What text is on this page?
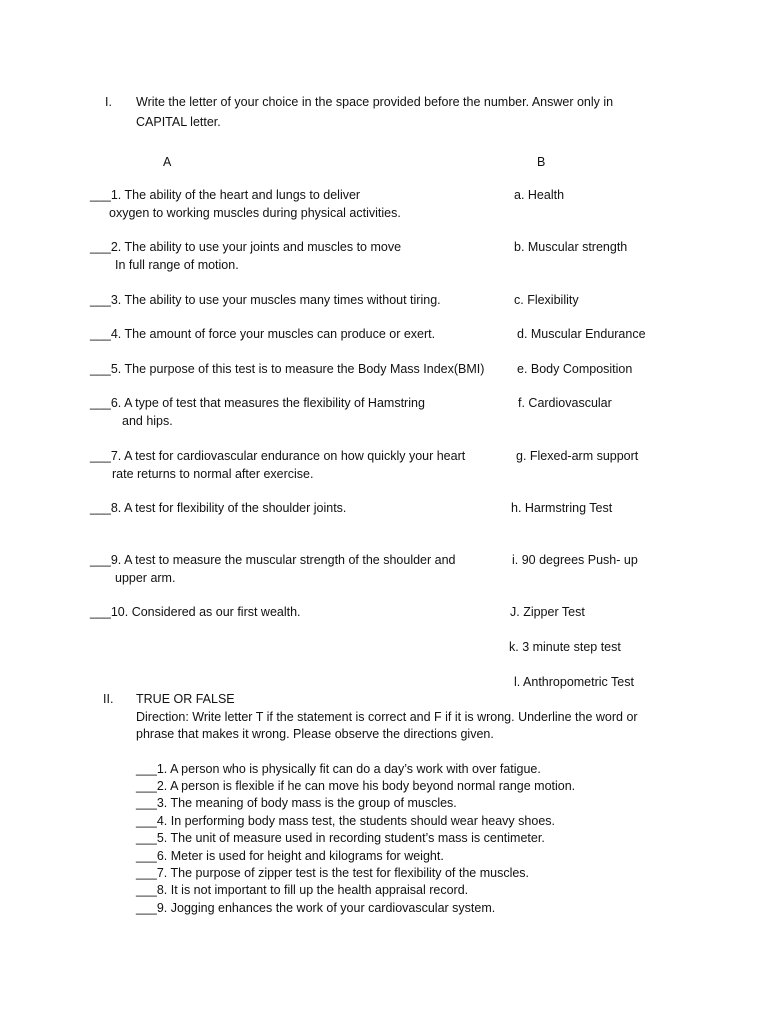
I. Write the letter of your choice in the space provided before the number. Answer only in
CAPITAL letter.
A	B
___1. The ability of the heart and lungs to deliver
oxygen to working muscles during physical activities.
___2. The ability to use your joints and muscles to move
In full range of motion.
___3. The ability to use your muscles many times without tiring.
___4. The amount of force your muscles can produce or exert.
___5. The purpose of this test is to measure the Body Mass Index(BMI)
___6. A type of test that measures the flexibility of Hamstring
and hips.
___7. A test for cardiovascular endurance on how quickly your heart
rate returns to normal after exercise.
___8. A test for flexibility of the shoulder joints.
___9. A test to measure the muscular strength of the shoulder and
upper arm.
___10. Considered as our first wealth.
a. Health
b. Muscular strength
c. Flexibility
d. Muscular Endurance
e. Body Composition
f. Cardiovascular
g. Flexed-arm support
h. Harmstring Test
i. 90 degrees Push- up
J. Zipper Test
k. 3 minute step test
l. Anthropometric Test
II. TRUE OR FALSE
Direction: Write letter T if the statement is correct and F if it is wrong. Underline the word or
phrase that makes it wrong. Please observe the directions given.
___1. A person who is physically fit can do a day’s work with over fatigue.
___2. A person is flexible if he can move his body beyond normal range motion.
___3. The meaning of body mass is the group of muscles.
___4. In performing body mass test, the students should wear heavy shoes.
___5. The unit of measure used in recording student’s mass is centimeter.
___6. Meter is used for height and kilograms for weight.
___7. The purpose of zipper test is the test for flexibility of the muscles.
___8. It is not important to fill up the health appraisal record.
___9. Jogging enhances the work of your cardiovascular system.
